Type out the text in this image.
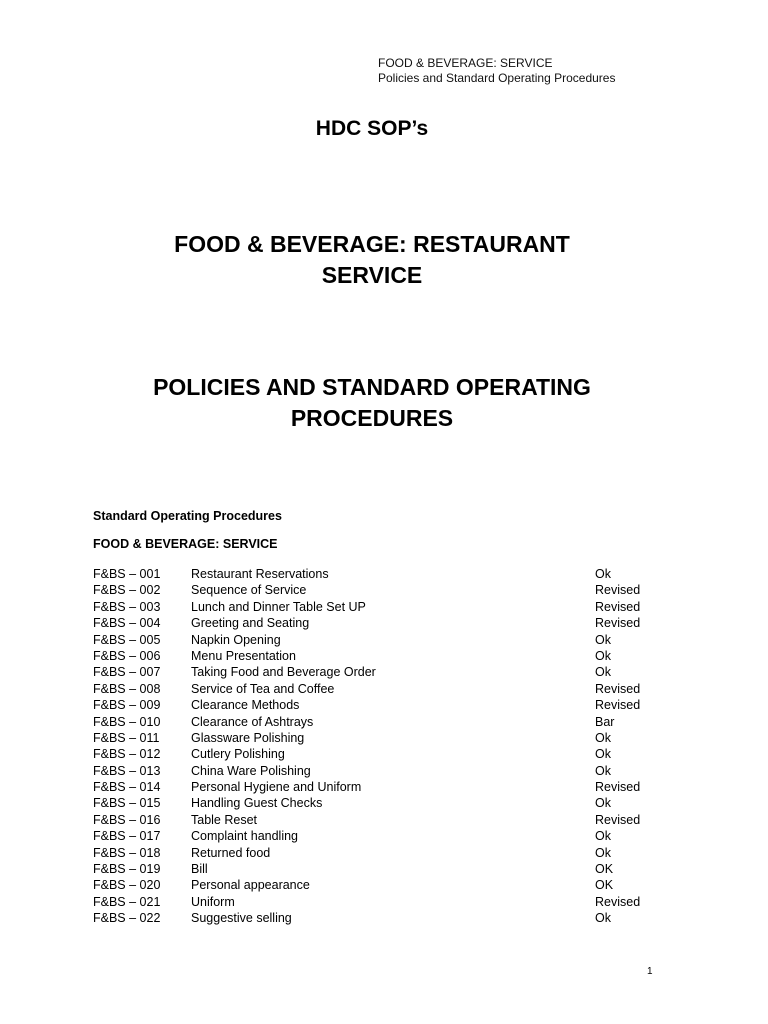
FOOD & BEVERAGE: SERVICE
Policies and Standard Operating Procedures
HDC SOP’s
FOOD & BEVERAGE: RESTAURANT
SERVICE
POLICIES AND STANDARD OPERATING
PROCEDURES
Standard Operating Procedures
FOOD & BEVERAGE: SERVICE
F&BS – 001 Restaurant Reservations	Ok
F&BS – 002 Sequence of Service	Revised
F&BS – 003 Lunch and Dinner Table Set UP	Revised
F&BS – 004 Greeting and Seating	Revised
F&BS – 005 Napkin Opening	Ok
F&BS – 006 Menu Presentation	Ok
F&BS – 007 Taking Food and Beverage Order	Ok
F&BS – 008 Service of Tea and Coffee	Revised
F&BS – 009 Clearance Methods	Revised
F&BS – 010 Clearance of Ashtrays	Bar
F&BS – 011	Glassware Polishing	Ok
F&BS – 012 Cutlery Polishing	Ok
F&BS – 013 China Ware Polishing	Ok
F&BS – 014 Personal Hygiene and Uniform	Revised
F&BS – 015 Handling Guest Checks	Ok
F&BS – 016 Table Reset	Revised
F&BS – 017 Complaint handling	Ok
F&BS – 018 Returned food	Ok
F&BS – 019 Bill	OK
F&BS – 020 Personal appearance	OK
F&BS – 021 Uniform	Revised
F&BS – 022 Suggestive selling	Ok
1
